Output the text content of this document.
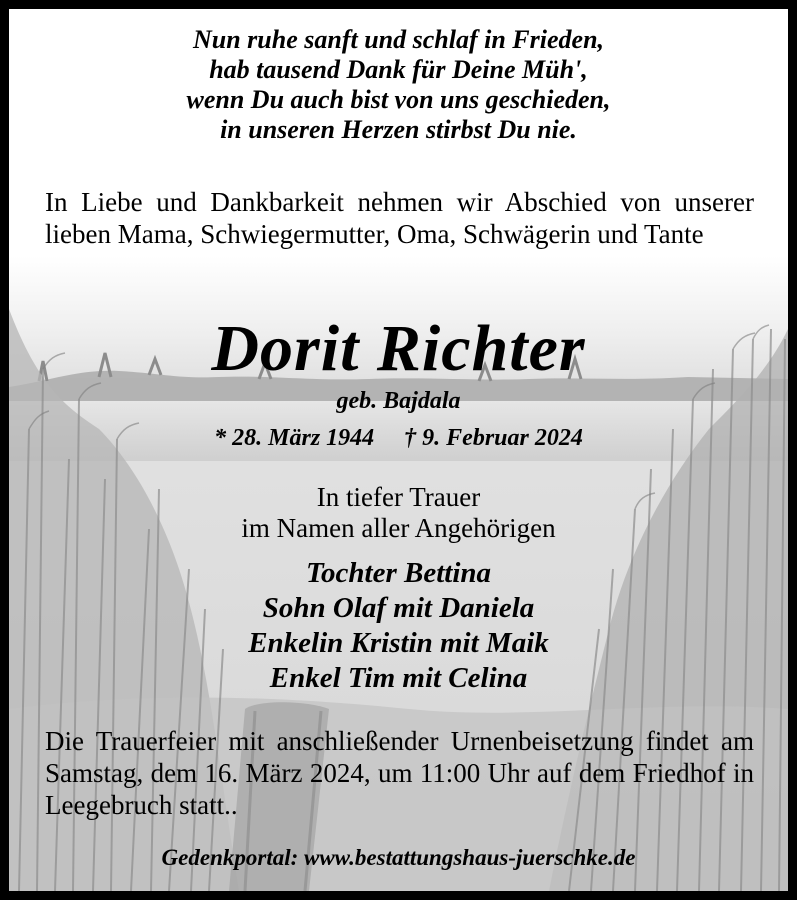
Nun ruhe sanft und schlaf in Frieden,
hab tausend Dank für Deine Müh',
wenn Du auch bist von uns geschieden,
in unseren Herzen stirbst Du nie.
In Liebe und Dankbarkeit nehmen wir Abschied von unserer lieben Mama, Schwiegermutter, Oma, Schwägerin und Tante
Dorit Richter
geb. Bajdala
* 28. März 1944 † 9. Februar 2024
In tiefer Trauer
im Namen aller Angehörigen
Tochter Bettina
Sohn Olaf mit Daniela
Enkelin Kristin mit Maik
Enkel Tim mit Celina
Die Trauerfeier mit anschließender Urnenbeisetzung findet am Samstag, dem 16. März 2024, um 11:00 Uhr auf dem Friedhof in Leegebruch statt..
Gedenkportal: www.bestattungshaus-juerschke.de
